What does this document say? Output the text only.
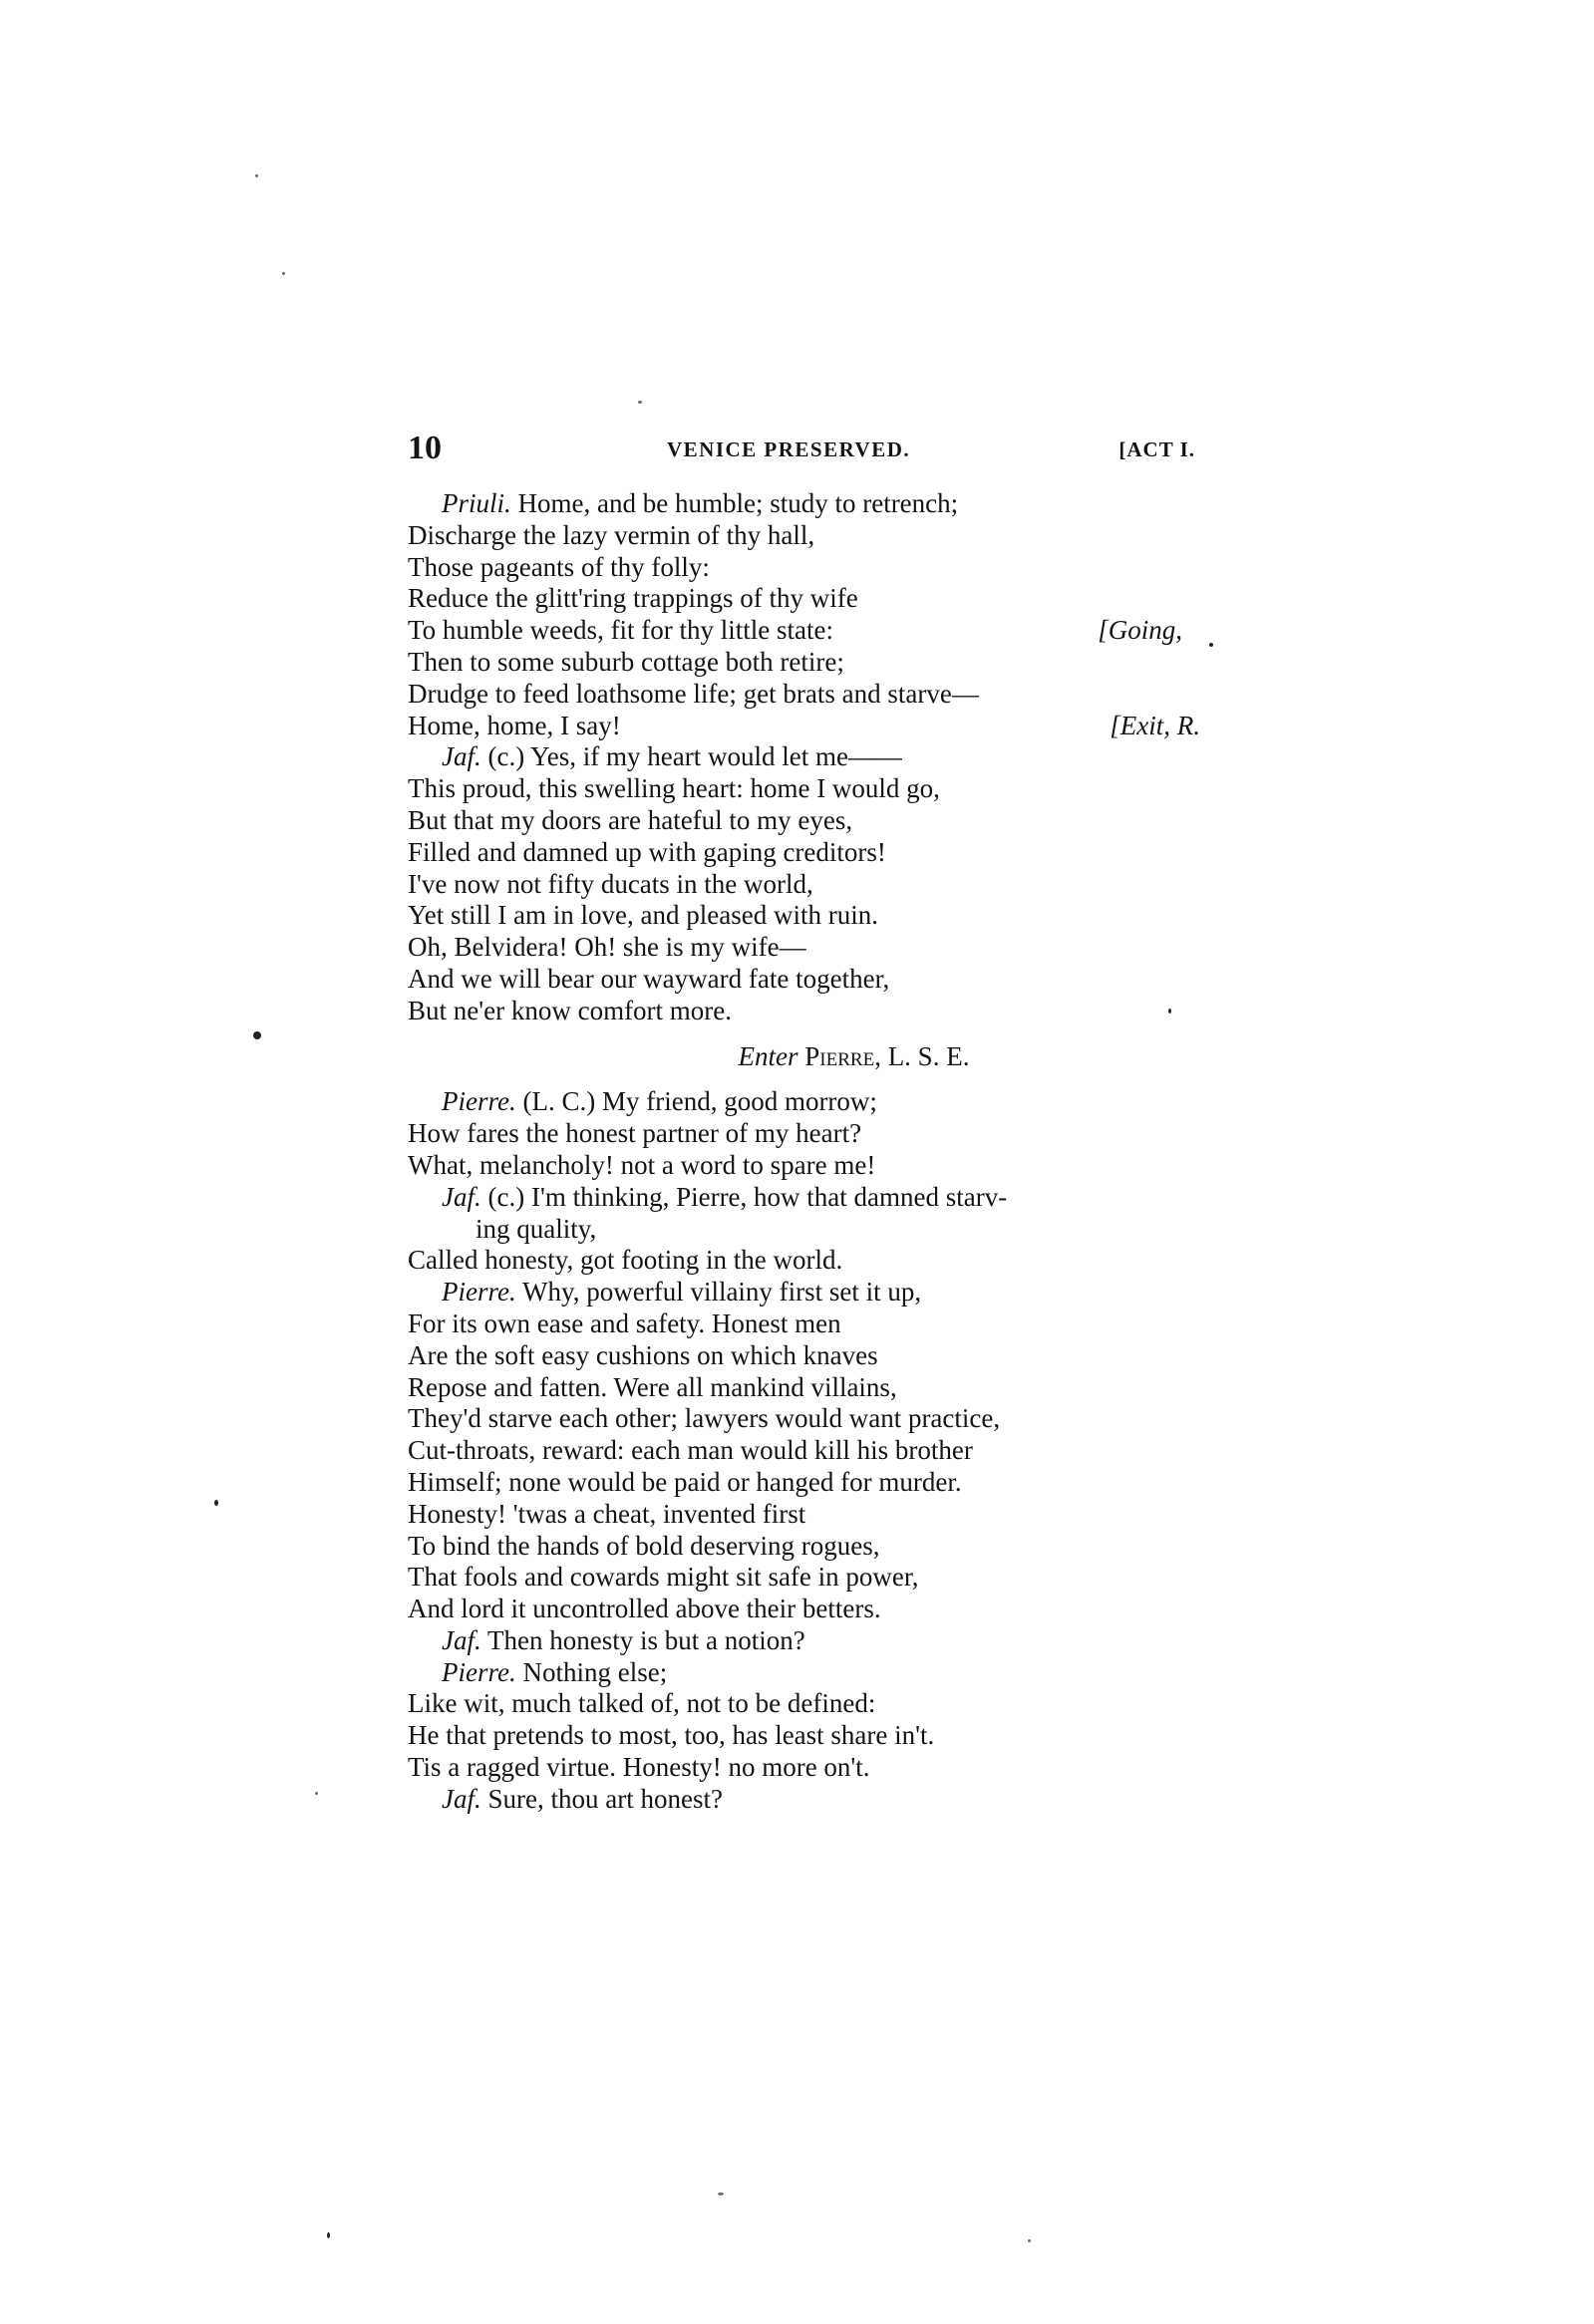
10	VENICE PRESERVED.	[ACT I.
Priuli. Home, and be humble; study to retrench;
Discharge the lazy vermin of thy hall,
Those pageants of thy folly:
Reduce the glitt'ring trappings of thy wife
To humble weeds, fit for thy little state:	[Going,
Then to some suburb cottage both retire;
Drudge to feed loathsome life; get brats and starve—
Home, home, I say!	[Exit, R.
Jaf. (c.) Yes, if my heart would let me——
This proud, this swelling heart: home I would go,
But that my doors are hateful to my eyes,
Filled and damned up with gaping creditors!
I've now not fifty ducats in the world,
Yet still I am in love, and pleased with ruin.
Oh, Belvidera! Oh! she is my wife—
And we will bear our wayward fate together,
But ne'er know comfort more.
Enter Pierre, L. S. E.
Pierre. (L. C.) My friend, good morrow;
How fares the honest partner of my heart?
What, melancholy! not a word to spare me!
Jaf. (c.) I'm thinking, Pierre, how that damned starv-
ing quality,
Called honesty, got footing in the world.
Pierre. Why, powerful villainy first set it up,
For its own ease and safety. Honest men
Are the soft easy cushions on which knaves
Repose and fatten. Were all mankind villains,
They'd starve each other; lawyers would want practice,
Cut-throats, reward: each man would kill his brother
Himself; none would be paid or hanged for murder.
Honesty! 'twas a cheat, invented first
To bind the hands of bold deserving rogues,
That fools and cowards might sit safe in power,
And lord it uncontrolled above their betters.
Jaf. Then honesty is but a notion?
Pierre. Nothing else;
Like wit, much talked of, not to be defined:
He that pretends to most, too, has least share in't.
Tis a ragged virtue. Honesty! no more on't.
Jaf. Sure, thou art honest?
